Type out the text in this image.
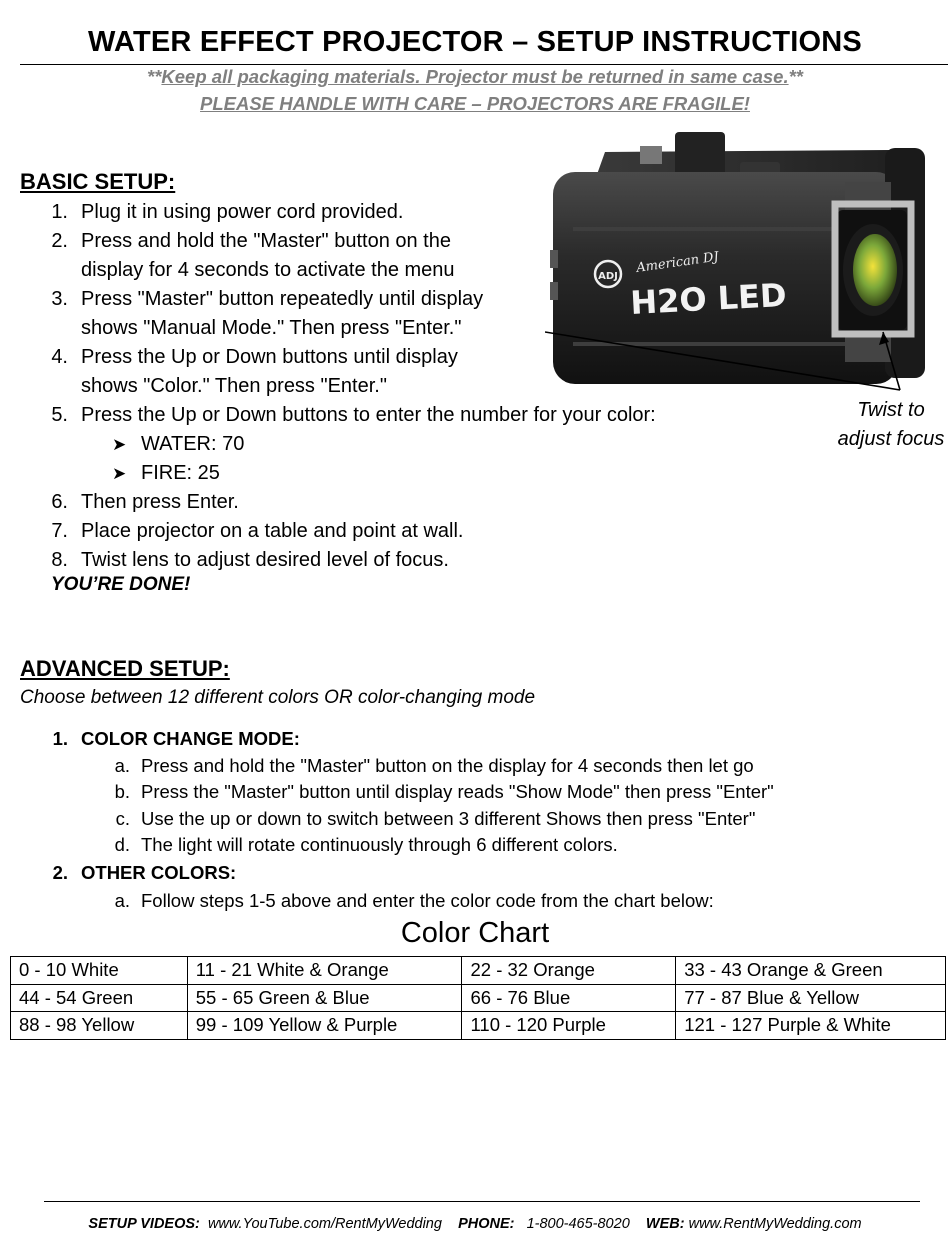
WATER EFFECT PROJECTOR – SETUP INSTRUCTIONS
**Keep all packaging materials. Projector must be returned in same case.**
PLEASE HANDLE WITH CARE – PROJECTORS ARE FRAGILE!
ADJ
American DJ
H2O LED
Twist to
adjust focus
BASIC SETUP:
1. Plug it in using power cord provided.
2. Press and hold the "Master" button on the
display for 4 seconds to activate the menu
3. Press "Master" button repeatedly until display
shows "Manual Mode." Then press "Enter."
4. Press the Up or Down buttons until display
shows "Color." Then press "Enter."
5. Press the Up or Down buttons to enter the number for your color:
➤ WATER: 70
➤ FIRE: 25
6. Then press Enter.
7. Place projector on a table and point at wall.
8. Twist lens to adjust desired level of focus.
YOU’RE DONE!
ADVANCED SETUP:
Choose between 12 different colors OR color-changing mode
1. COLOR CHANGE MODE:
a. Press and hold the "Master" button on the display for 4 seconds then let go
b. Press the "Master" button until display reads "Show Mode" then press "Enter"
c. Use the up or down to switch between 3 different Shows then press "Enter"
d. The light will rotate continuously through 6 different colors.
2. OTHER COLORS:
a. Follow steps 1-5 above and enter the color code from the chart below:
Color Chart
0 - 10 White	11 - 21 White & Orange	22 - 32 Orange	33 - 43 Orange & Green
44 - 54 Green	55 - 65 Green & Blue	66 - 76 Blue	77 - 87 Blue & Yellow
88 - 98 Yellow	99 - 109 Yellow & Purple	110 - 120 Purple	121 - 127 Purple & White
SETUP VIDEOS: www.YouTube.com/RentMyWedding PHONE: 1-800-465-8020 WEB: www.RentMyWedding.com
